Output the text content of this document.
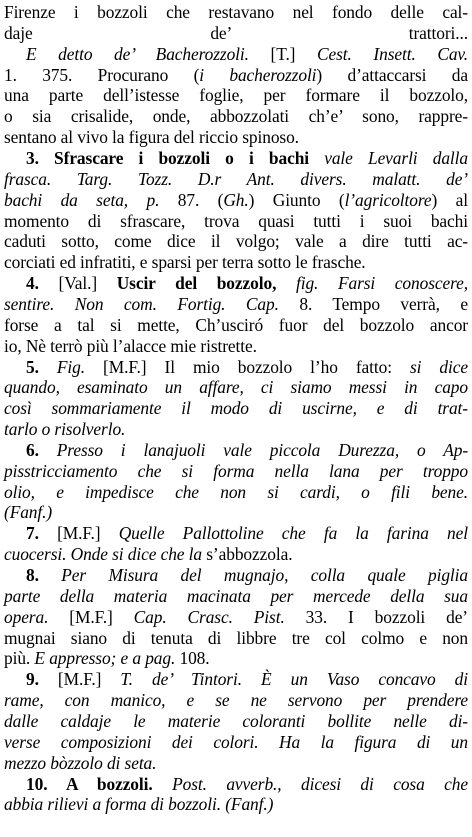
Firenze i bozzoli che restavano nel fondo delle cal-
daje de’ trattori...
E detto de’ Bacherozzoli. [T.] Cest. Insett. Cav.
1. 375. Procurano (i bacherozzoli) d’attaccarsi da
una parte dell’istesse foglie, per formare il bozzolo,
o sia crisalide, onde, abbozzolati ch’e’ sono, rappre-
sentano al vivo la figura del riccio spinoso.
3. Sfrascare i bozzoli o i bachi vale Levarli dalla
frasca. Targ. Tozz. D.r Ant. divers. malatt. de’
bachi da seta, p. 87. (Gh.) Giunto (l’agricoltore) al
momento di sfrascare, trova quasi tutti i suoi bachi
caduti sotto, come dice il volgo; vale a dire tutti ac-
corciati ed infratiti, e sparsi per terra sotto le frasche.
4. [Val.] Uscir del bozzolo, fig. Farsi conoscere,
sentire. Non com. Fortig. Cap. 8. Tempo verrà, e
forse a tal si mette, Ch’usciró fuor del bozzolo ancor
io, Nè terrò più l’alacce mie ristrette.
5. Fig. [M.F.] Il mio bozzolo l’ho fatto: si dice
quando, esaminato un affare, ci siamo messi in capo
così sommariamente il modo di uscirne, e di trat-
tarlo o risolverlo.
6. Presso i lanajuoli vale piccola Durezza, o Ap-
pisstricciamento che si forma nella lana per troppo
olio, e impedisce che non si cardi, o fili bene.
(Fanf.)
7. [M.F.] Quelle Pallottoline che fa la farina nel
cuocersi. Onde si dice che la s’abbozzola.
8. Per Misura del mugnajo, colla quale piglia
parte della materia macinata per mercede della sua
opera. [M.F.] Cap. Crasc. Pist. 33. I bozzoli de’
mugnai siano di tenuta di libbre tre col colmo e non
più. E appresso; e a pag. 108.
9. [M.F.] T. de’ Tintori. È un Vaso concavo di
rame, con manico, e se ne servono per prendere
dalle caldaje le materie coloranti bollite nelle di-
verse composizioni dei colori. Ha la figura di un
mezzo bòzzolo di seta.
10. A bozzoli. Post. avverb., dicesi di cosa che
abbia rilievi a forma di bozzoli. (Fanf.)
